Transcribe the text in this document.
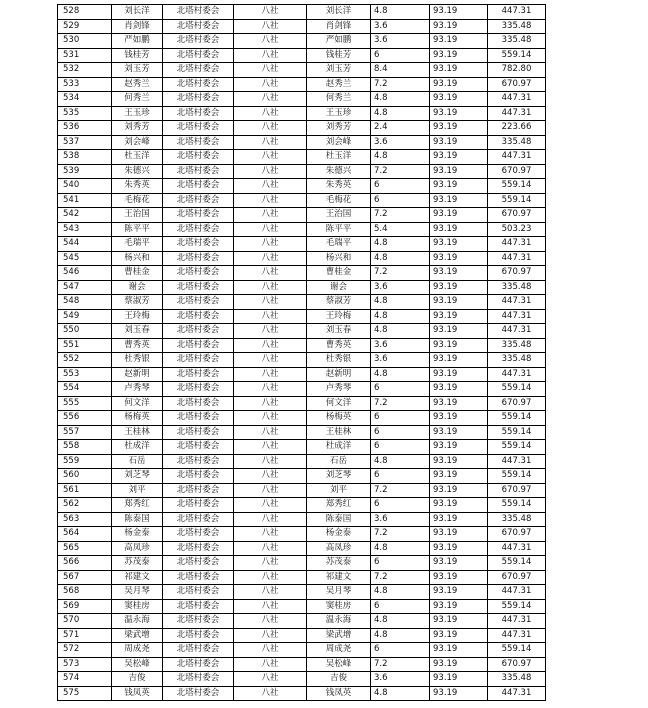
528	刘长洋	北塔村委会	八社	刘长洋	4.8	93.19	447.31
529	肖剑锋	北塔村委会	八社	肖剑锋	3.6	93.19	335.48
530	严如鹏	北塔村委会	八社	严如鹏	3.6	93.19	335.48
531	钱桂芳	北塔村委会	八社	钱桂芳	6	93.19	559.14
532	刘玉芳	北塔村委会	八社	刘玉芳	8.4	93.19	782.80
533	赵秀兰	北塔村委会	八社	赵秀兰	7.2	93.19	670.97
534	何秀兰	北塔村委会	八社	何秀兰	4.8	93.19	447.31
535	王玉珍	北塔村委会	八社	王玉珍	4.8	93.19	447.31
536	刘秀芳	北塔村委会	八社	刘秀芳	2.4	93.19	223.66
537	刘会峰	北塔村委会	八社	刘会峰	3.6	93.19	335.48
538	杜玉洋	北塔村委会	八社	杜玉洋	4.8	93.19	447.31
539	朱德兴	北塔村委会	八社	朱德兴	7.2	93.19	670.97
540	朱秀英	北塔村委会	八社	朱秀英	6	93.19	559.14
541	毛梅花	北塔村委会	八社	毛梅花	6	93.19	559.14
542	王治国	北塔村委会	八社	王治国	7.2	93.19	670.97
543	陈平平	北塔村委会	八社	陈平平	5.4	93.19	503.23
544	毛瑞平	北塔村委会	八社	毛瑞平	4.8	93.19	447.31
545	杨兴和	北塔村委会	八社	杨兴和	4.8	93.19	447.31
546	曹桂金	北塔村委会	八社	曹桂金	7.2	93.19	670.97
547	谢会	北塔村委会	八社	谢会	3.6	93.19	335.48
548	蔡淑芳	北塔村委会	八社	蔡淑芳	4.8	93.19	447.31
549	王玲梅	北塔村委会	八社	王玲梅	4.8	93.19	447.31
550	刘玉春	北塔村委会	八社	刘玉春	4.8	93.19	447.31
551	曹秀英	北塔村委会	八社	曹秀英	3.6	93.19	335.48
552	杜秀银	北塔村委会	八社	杜秀银	3.6	93.19	335.48
553	赵新明	北塔村委会	八社	赵新明	4.8	93.19	447.31
554	卢秀琴	北塔村委会	八社	卢秀琴	6	93.19	559.14
555	何文洋	北塔村委会	八社	何文洋	7.2	93.19	670.97
556	杨梅英	北塔村委会	八社	杨梅英	6	93.19	559.14
557	王桂林	北塔村委会	八社	王桂林	6	93.19	559.14
558	杜成洋	北塔村委会	八社	杜成洋	6	93.19	559.14
559	石岳	北塔村委会	八社	石岳	4.8	93.19	447.31
560	刘芝琴	北塔村委会	八社	刘芝琴	6	93.19	559.14
561	刘平	北塔村委会	八社	刘平	7.2	93.19	670.97
562	郑秀红	北塔村委会	八社	郑秀红	6	93.19	559.14
563	陈泰国	北塔村委会	八社	陈泰国	3.6	93.19	335.48
564	杨金泰	北塔村委会	八社	杨金泰	7.2	93.19	670.97
565	高凤珍	北塔村委会	八社	高凤珍	4.8	93.19	447.31
566	苏茂泰	北塔村委会	八社	苏茂泰	6	93.19	559.14
567	祁建文	北塔村委会	八社	祁建文	7.2	93.19	670.97
568	吴月琴	北塔村委会	八社	吴月琴	4.8	93.19	447.31
569	窦桂房	北塔村委会	八社	窦桂房	6	93.19	559.14
570	温永海	北塔村委会	八社	温永海	4.8	93.19	447.31
571	梁武增	北塔村委会	八社	梁武增	4.8	93.19	447.31
572	周成尧	北塔村委会	八社	周成尧	6	93.19	559.14
573	吴松峰	北塔村委会	八社	吴松峰	7.2	93.19	670.97
574	吉俊	北塔村委会	八社	吉俊	3.6	93.19	335.48
575	钱凤英	北塔村委会	八社	钱凤英	4.8	93.19	447.31
